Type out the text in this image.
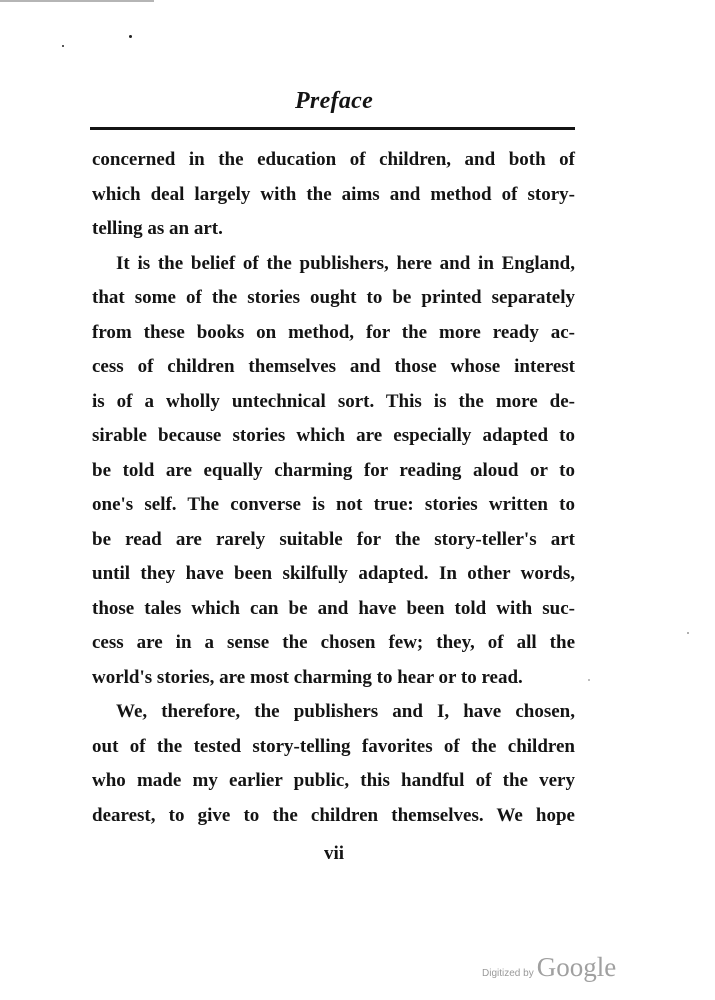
Preface
concerned in the education of children, and both of
which deal largely with the aims and method of story-
telling as an art.
It is the belief of the publishers, here and in England,
that some of the stories ought to be printed separately
from these books on method, for the more ready ac-
cess of children themselves and those whose interest
is of a wholly untechnical sort. This is the more de-
sirable because stories which are especially adapted to
be told are equally charming for reading aloud or to
one's self. The converse is not true: stories written to
be read are rarely suitable for the story-teller's art
until they have been skilfully adapted. In other words,
those tales which can be and have been told with suc-
cess are in a sense the chosen few; they, of all the
world's stories, are most charming to hear or to read.
We, therefore, the publishers and I, have chosen,
out of the tested story-telling favorites of the children
who made my earlier public, this handful of the very
dearest, to give to the children themselves. We hope
vii
Digitized by Google
